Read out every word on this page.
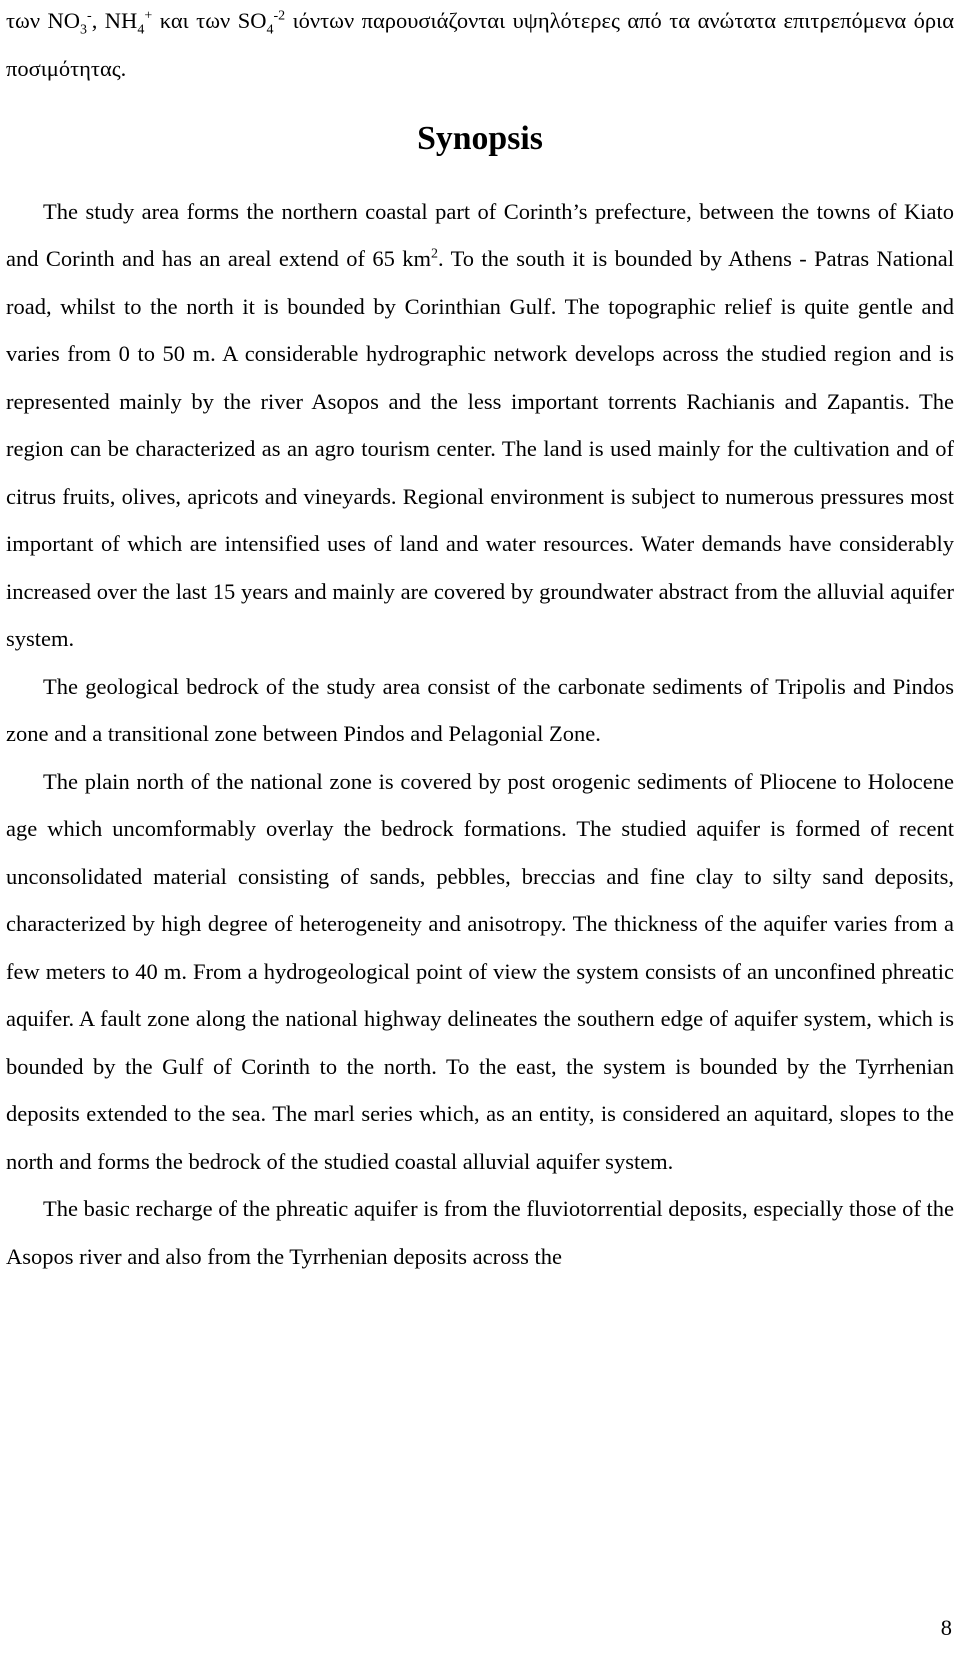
των $NO_3^-$, $NH_4^+$ και των $SO_4^{-2}$ ιόντων παρουσιάζονται υψηλότερες από τα ανώτατα επιτρεπόμενα όρια ποσιμότητας.

Synopsis

The study area forms the northern coastal part of Corinth’s prefecture, between the towns of Kiato and Corinth and has an areal extend of 65 $km^2$. To the south it is bounded by Athens - Patras National road, whilst to the north it is bounded by Corinthian Gulf. The topographic relief is quite gentle and varies from 0 to 50 m. A considerable hydrographic network develops across the studied region and is represented mainly by the river Asopos and the less important torrents Rachianis and Zapantis. The region can be characterized as an agro tourism center. The land is used mainly for the cultivation and of citrus fruits, olives, apricots and vineyards. Regional environment is subject to numerous pressures most important of which are intensified uses of land and water resources. Water demands have considerably increased over the last 15 years and mainly are covered by groundwater abstract from the alluvial aquifer system.

The geological bedrock of the study area consist of the carbonate sediments of Tripolis and Pindos zone and a transitional zone between Pindos and Pelagonial Zone.

The plain north of the national zone is covered by post orogenic sediments of Pliocene to Holocene age which uncomformably overlay the bedrock formations. The studied aquifer is formed of recent unconsolidated material consisting of sands, pebbles, breccias and fine clay to silty sand deposits, characterized by high degree of heterogeneity and anisotropy. The thickness of the aquifer varies from a few meters to 40 m. From a hydrogeological point of view the system consists of an unconfined phreatic aquifer. A fault zone along the national highway delineates the southern edge of aquifer system, which is bounded by the Gulf of Corinth to the north. To the east, the system is bounded by the Tyrrhenian deposits extended to the sea. The marl series which, as an entity, is considered an aquitard, slopes to the north and forms the bedrock of the studied coastal alluvial aquifer system.

The basic recharge of the phreatic aquifer is from the fluviotorrential deposits, especially those of the Asopos river and also from the Tyrrhenian deposits across the

8
